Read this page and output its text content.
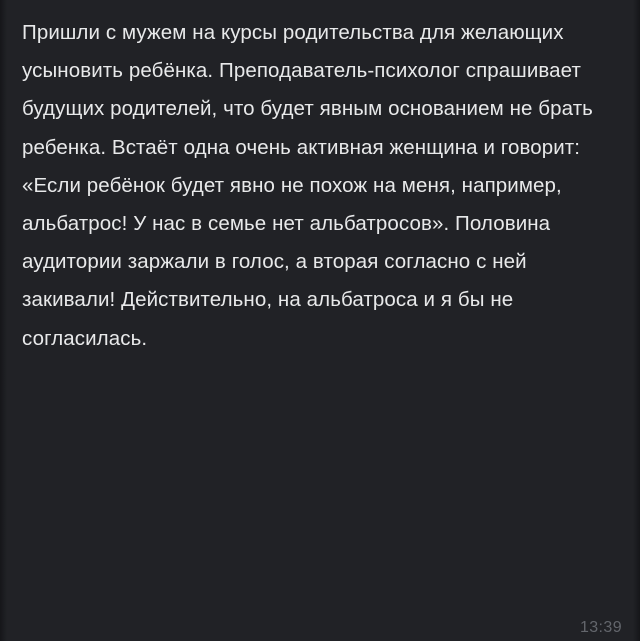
Пришли с мужем на курсы родительства для желающих усыновить ребёнка. Преподаватель-психолог спрашивает будущих родителей, что будет явным основанием не брать ребенка. Встаёт одна очень активная женщина и говорит: «Если ребёнок будет явно не похож на меня, например, альбатрос! У нас в семье нет альбатросов». Половина аудитории заржали в голос, а вторая согласно с ней закивали! Действительно, на альбатроса и я бы не согласилась.
13:39
